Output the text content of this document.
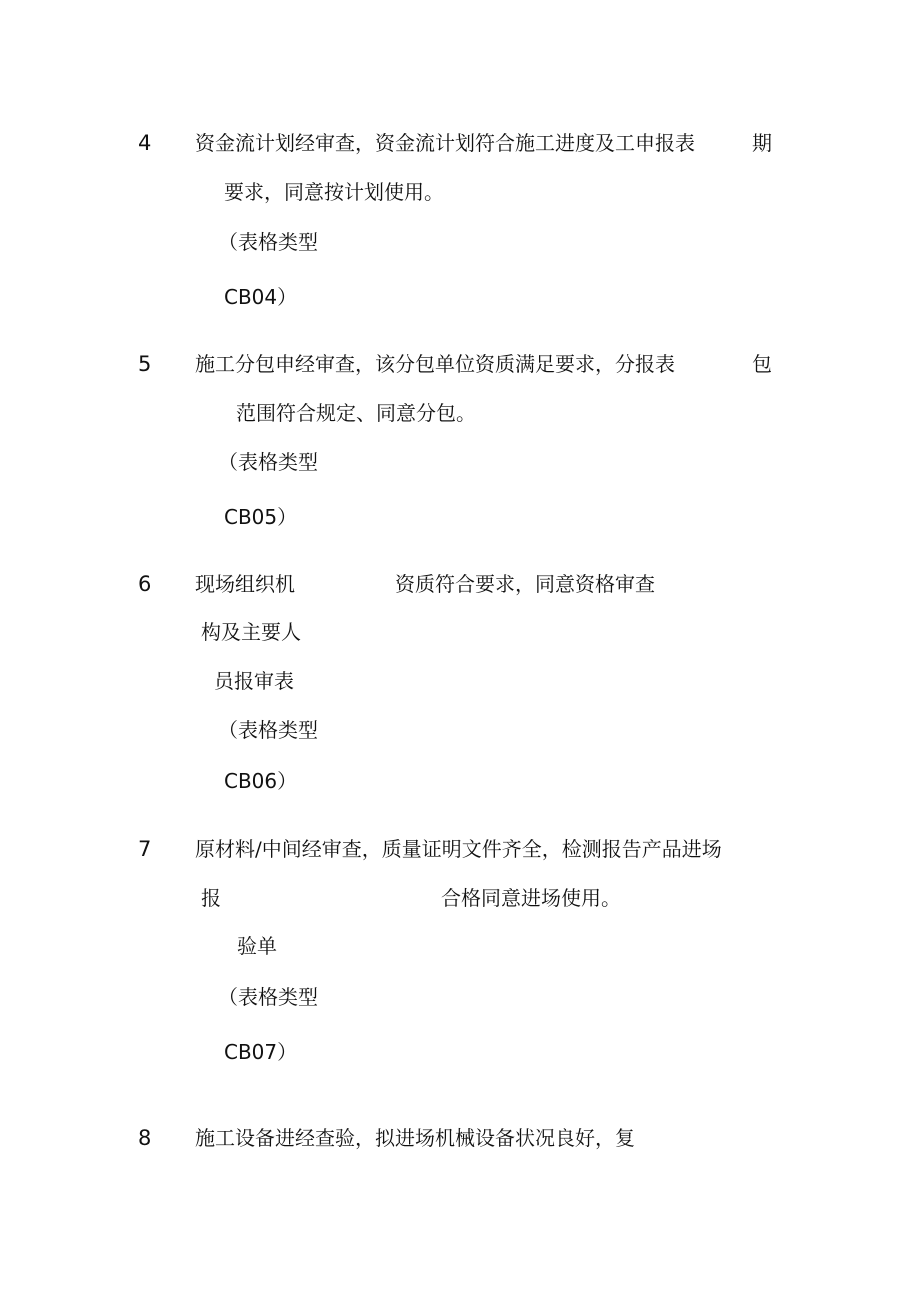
4 资金流计划经审查，资金流计划符合施工进度及工申报表	期
要求，同意按计划使用。
（表格类型
CB04）
5 施工分包申经审查，该分包单位资质满足要求，分报表	包
范围符合规定、同意分包。
（表格类型
CB05）
6 现场组织机	资质符合要求，同意资格审查
构及主要人
员报审表
（表格类型
CB06）
7 原材料/中间经审查，质量证明文件齐全，检测报告产品进场
报	合格同意进场使用。
验单
（表格类型
CB07）
8 施工设备进经查验，拟进场机械设备状况良好，复
